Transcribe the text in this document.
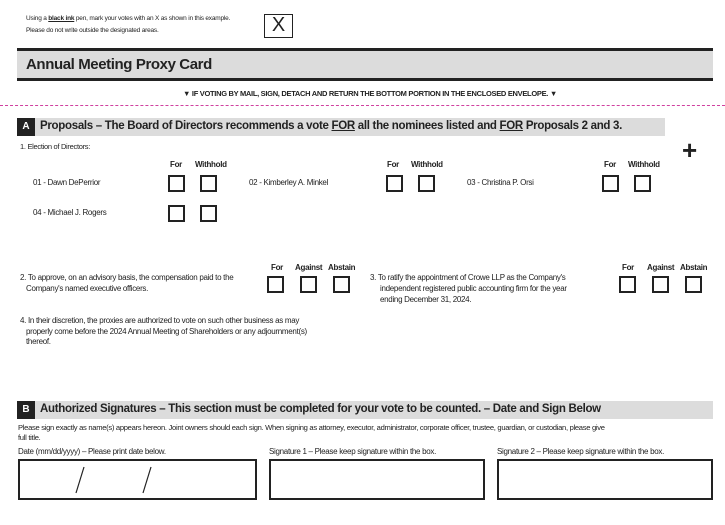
Using a black ink pen, mark your votes with an X as shown in this example.
Please do not write outside the designated areas.	X
Annual Meeting Proxy Card
▼ IF VOTING BY MAIL, SIGN, DETACH AND RETURN THE BOTTOM PORTION IN THE ENCLOSED ENVELOPE. ▼
A Proposals – The Board of Directors recommends a vote FOR all the nominees listed and FOR Proposals 2 and 3.
+
1. Election of Directors:
For Withhold	For Withhold	For Withhold
01 - Dawn DePerrior	02 - Kimberley A. Minkel	03 - Christina P. Orsi
04 - Michael J. Rogers
2. To approve, on an advisory basis, the compensation paid to the
Company's named executive officers.
For Against Abstain
3. To ratify the appointment of Crowe LLP as the Company's
independent registered public accounting firm for the year
ending December 31, 2024.
For Against Abstain
4. In their discretion, the proxies are authorized to vote on such other business as may
properly come before the 2024 Annual Meeting of Shareholders or any adjournment(s)
thereof.
B Authorized Signatures – This section must be completed for your vote to be counted. – Date and Sign Below
Please sign exactly as name(s) appears hereon. Joint owners should each sign. When signing as attorney, executor, administrator, corporate officer, trustee, guardian, or custodian, please give
full title.
Date (mm/dd/yyyy) – Please print date below.	Signature 1 – Please keep signature within the box.	Signature 2 – Please keep signature within the box.
